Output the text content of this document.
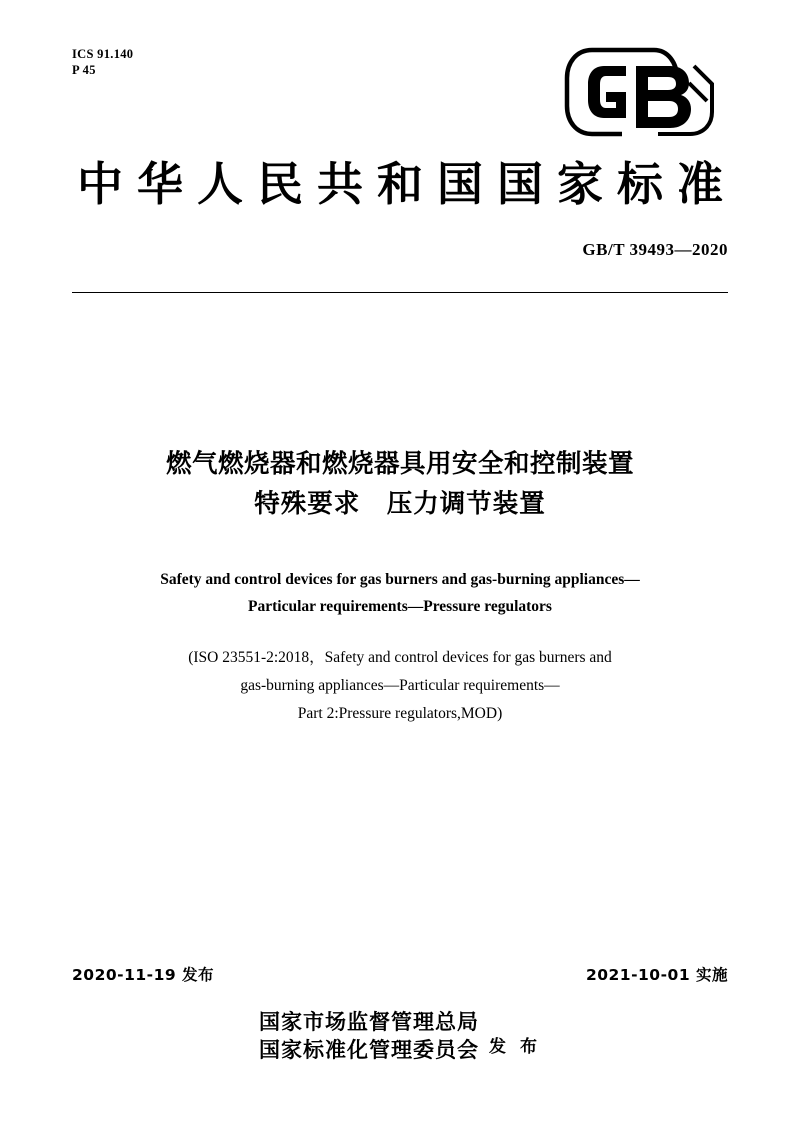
ICS 91.140
P 45
中华人民共和国国家标准
GB/T 39493—2020
燃气燃烧器和燃烧器具用安全和控制装置
特殊要求　压力调节装置
Safety and control devices for gas burners and gas-burning appliances—
Particular requirements—Pressure regulators
(ISO 23551-2:2018，Safety and control devices for gas burners and
gas-burning appliances—Particular requirements—
Part 2:Pressure regulators,MOD)
2020-11-19 发布	2021-10-01 实施
国家市场监督管理总局
国家标准化管理委员会 发 布
